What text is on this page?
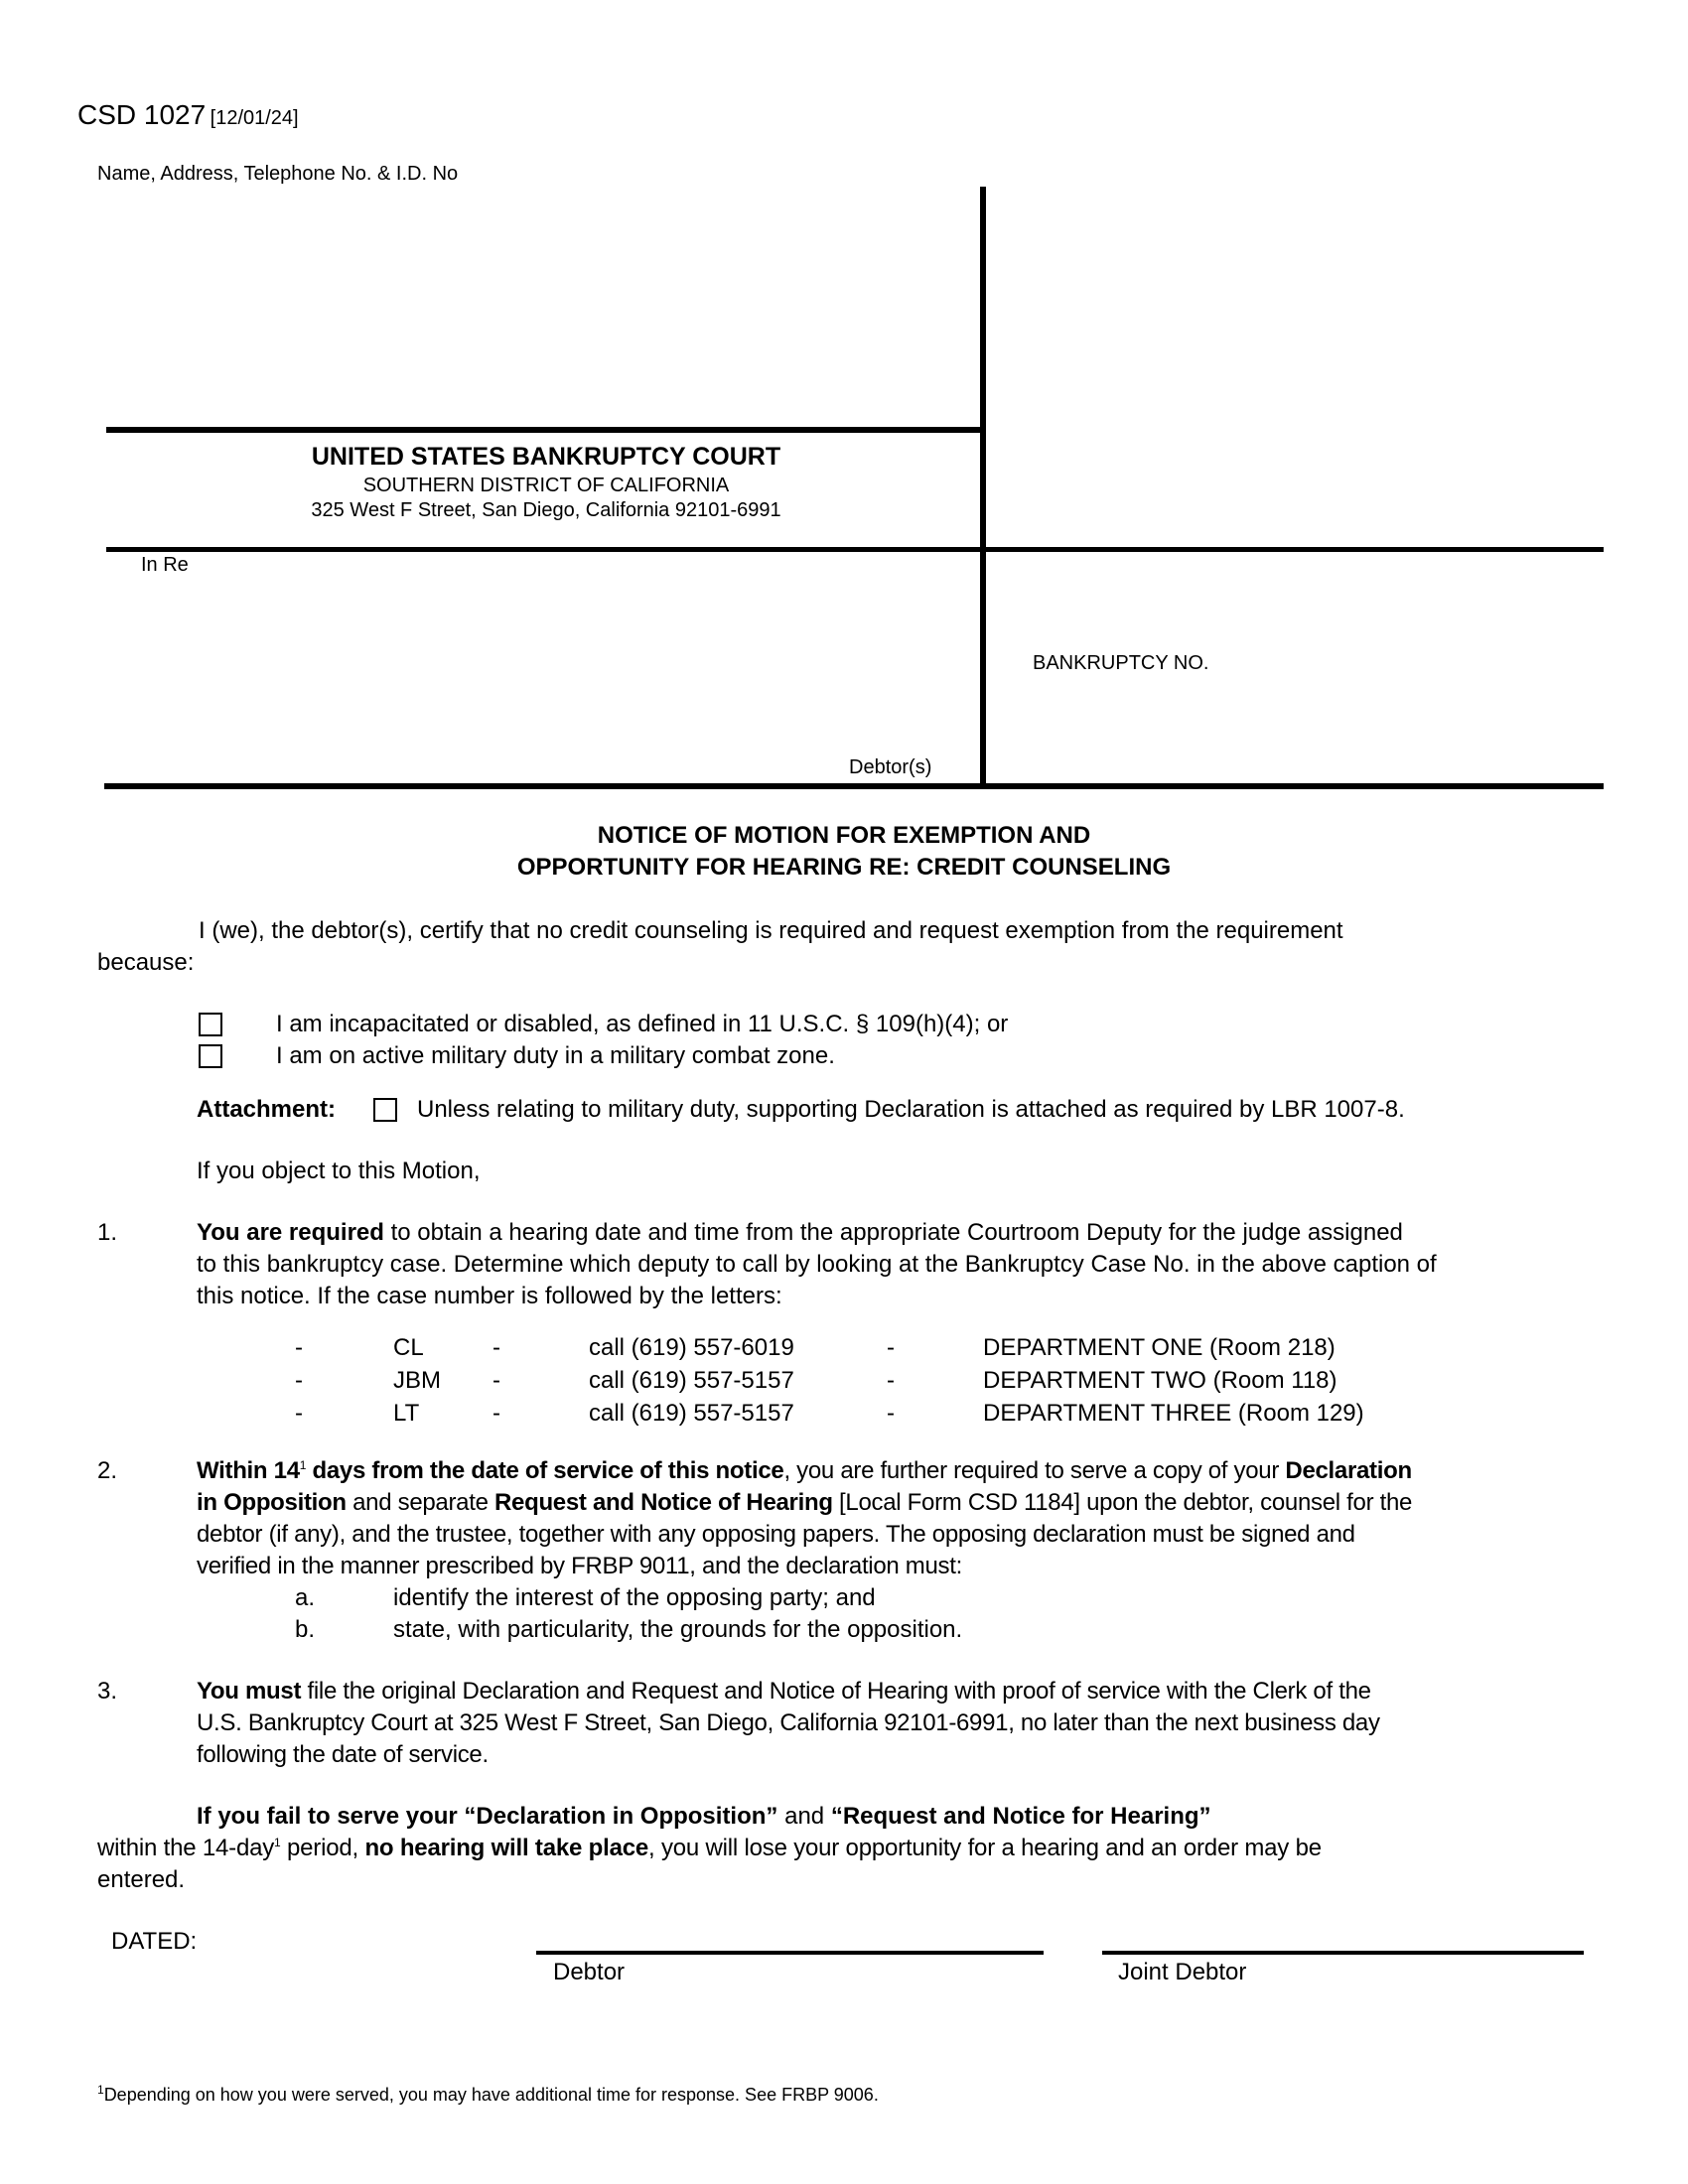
CSD 1027 [12/01/24]
Name, Address, Telephone No. & I.D. No
UNITED STATES BANKRUPTCY COURT
SOUTHERN DISTRICT OF CALIFORNIA
325 West F Street, San Diego, California 92101-6991
In Re
Debtor(s)
BANKRUPTCY NO.
NOTICE OF MOTION FOR EXEMPTION AND
OPPORTUNITY FOR HEARING RE: CREDIT COUNSELING
I (we), the debtor(s), certify that no credit counseling is required and request exemption from the requirement
because:
I am incapacitated or disabled, as defined in 11 U.S.C. § 109(h)(4); or
I am on active military duty in a military combat zone.
Attachment:	Unless relating to military duty, supporting Declaration is attached as required by LBR 1007-8.
If you object to this Motion,
1.	You are required to obtain a hearing date and time from the appropriate Courtroom Deputy for the judge assigned
to this bankruptcy case. Determine which deputy to call by looking at the Bankruptcy Case No. in the above caption of
this notice. If the case number is followed by the letters:
-	CL	-	call (619) 557-6019	-	DEPARTMENT ONE (Room 218)
-	JBM -	call (619) 557-5157	-	DEPARTMENT TWO (Room 118)
-	LT	-	call (619) 557-5157	-	DEPARTMENT THREE (Room 129)
2.	Within $14^1$ days from the date of service of this notice, you are further required to serve a copy of your Declaration
in Opposition and separate Request and Notice of Hearing [Local Form CSD 1184] upon the debtor, counsel for the
debtor (if any), and the trustee, together with any opposing papers. The opposing declaration must be signed and
verified in the manner prescribed by FRBP 9011, and the declaration must:
a.	identify the interest of the opposing party; and
b.	state, with particularity, the grounds for the opposition.
3.	You must file the original Declaration and Request and Notice of Hearing with proof of service with the Clerk of the
U.S. Bankruptcy Court at 325 West F Street, San Diego, California 92101-6991, no later than the next business day
following the date of service.
If you fail to serve your “Declaration in Opposition” and “Request and Notice for Hearing”
within the 14-day$^1$ period, no hearing will take place, you will lose your opportunity for a hearing and an order may be
entered.
DATED:
Debtor	Joint Debtor
$^1$Depending on how you were served, you may have additional time for response. See FRBP 9006.
